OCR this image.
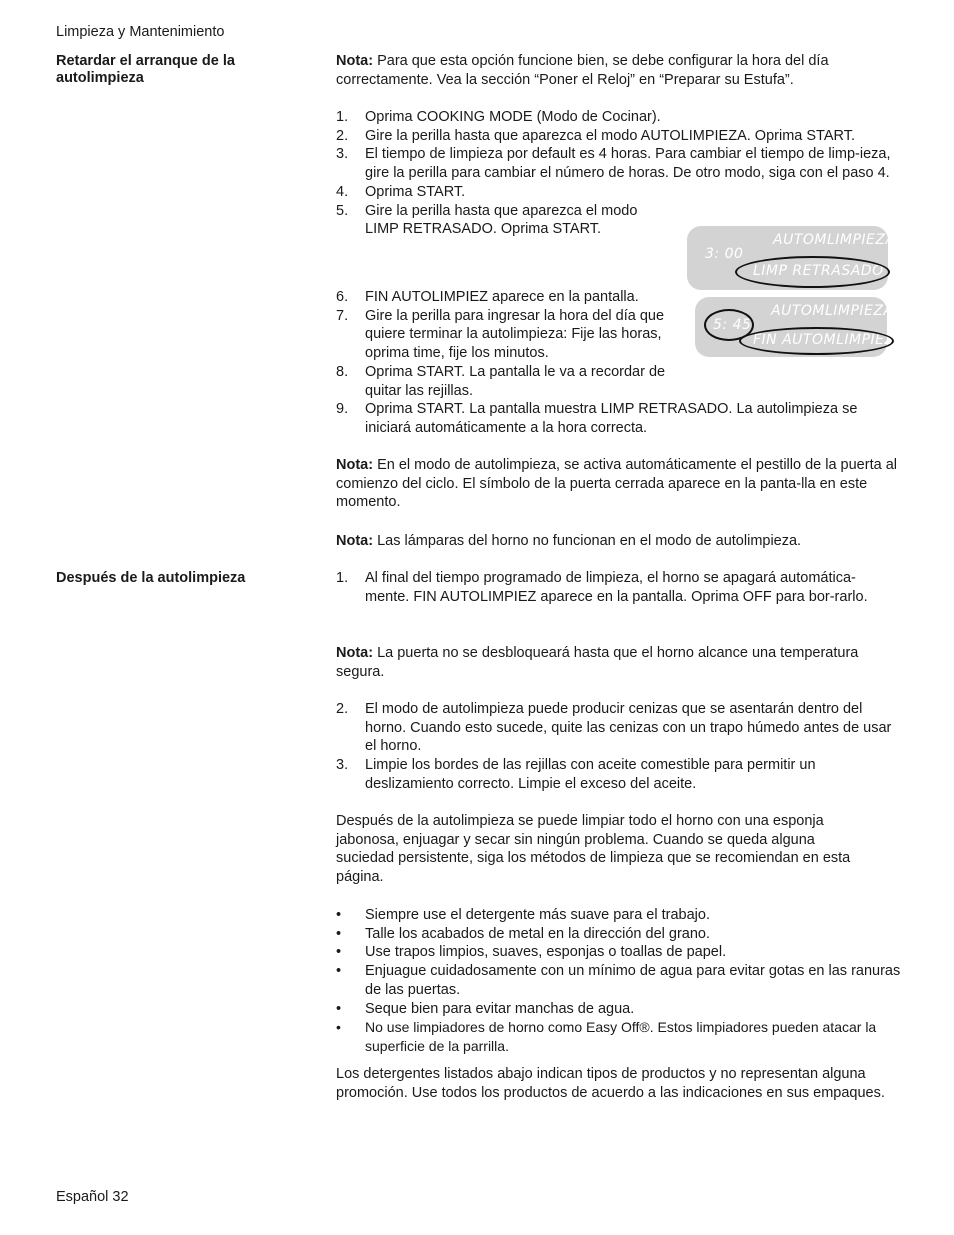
Limpieza y Mantenimiento
Retardar el arranque de la autolimpieza

Nota: Para que esta opción funcione bien, se debe configurar la hora del día correctamente. Vea la sección “Poner el Reloj” en “Preparar su Estufa”.

1. Oprima COOKING MODE (Modo de Cocinar).
2. Gire la perilla hasta que aparezca el modo AUTOLIMPIEZA. Oprima START.
3. El tiempo de limpieza por default es 4 horas. Para cambiar el tiempo de limp-ieza, gire la perilla para cambiar el número de horas. De otro modo, siga con el paso 4.
4. Oprima START.
5. Gire la perilla hasta que aparezca el modo LIMP RETRASADO. Oprima START.
6. FIN AUTOLIMPIEZ aparece en la pantalla.
7. Gire la perilla para ingresar la hora del día que quiere terminar la autolimpieza: Fije las horas, oprima time, fije los minutos.
8. Oprima START. La pantalla le va a recordar de quitar las rejillas.
9. Oprima START. La pantalla muestra LIMP RETRASADO. La autolimpieza se iniciará automáticamente a la hora correcta.
3: 00
AUTOMLIMPIEZA
LIMP RETRASADO
5: 45
AUTOMLIMPIEZA
FIN AUTOMLIMPIEZ

Nota: En el modo de autolimpieza, se activa automáticamente el pestillo de la puerta al comienzo del ciclo. El símbolo de la puerta cerrada aparece en la panta-lla en este momento.

Nota: Las lámparas del horno no funcionan en el modo de autolimpieza.

Después de la autolimpieza	1. Al final del tiempo programado de limpieza, el horno se apagará automática-mente. FIN AUTOLIMPIEZ aparece en la pantalla. Oprima OFF para bor-rarlo.

Nota: La puerta no se desbloqueará hasta que el horno alcance una temperatura segura.

2. El modo de autolimpieza puede producir cenizas que se asentarán dentro del horno. Cuando esto sucede, quite las cenizas con un trapo húmedo antes de usar el horno.
3. Limpie los bordes de las rejillas con aceite comestible para permitir un deslizamiento correcto. Limpie el exceso del aceite.

Después de la autolimpieza se puede limpiar todo el horno con una esponja jabonosa, enjuagar y secar sin ningún problema. Cuando se queda alguna suciedad persistente, siga los métodos de limpieza que se recomiendan en esta página.

• Siempre use el detergente más suave para el trabajo.
• Talle los acabados de metal en la dirección del grano.
• Use trapos limpios, suaves, esponjas o toallas de papel.
• Enjuague cuidadosamente con un mínimo de agua para evitar gotas en las ranuras de las puertas.
• Seque bien para evitar manchas de agua.
• No use limpiadores de horno como Easy Off®. Estos limpiadores pueden atacar la superficie de la parrilla.

Los detergentes listados abajo indican tipos de productos y no representan alguna promoción. Use todos los productos de acuerdo a las indicaciones en sus empaques.

Español 32
